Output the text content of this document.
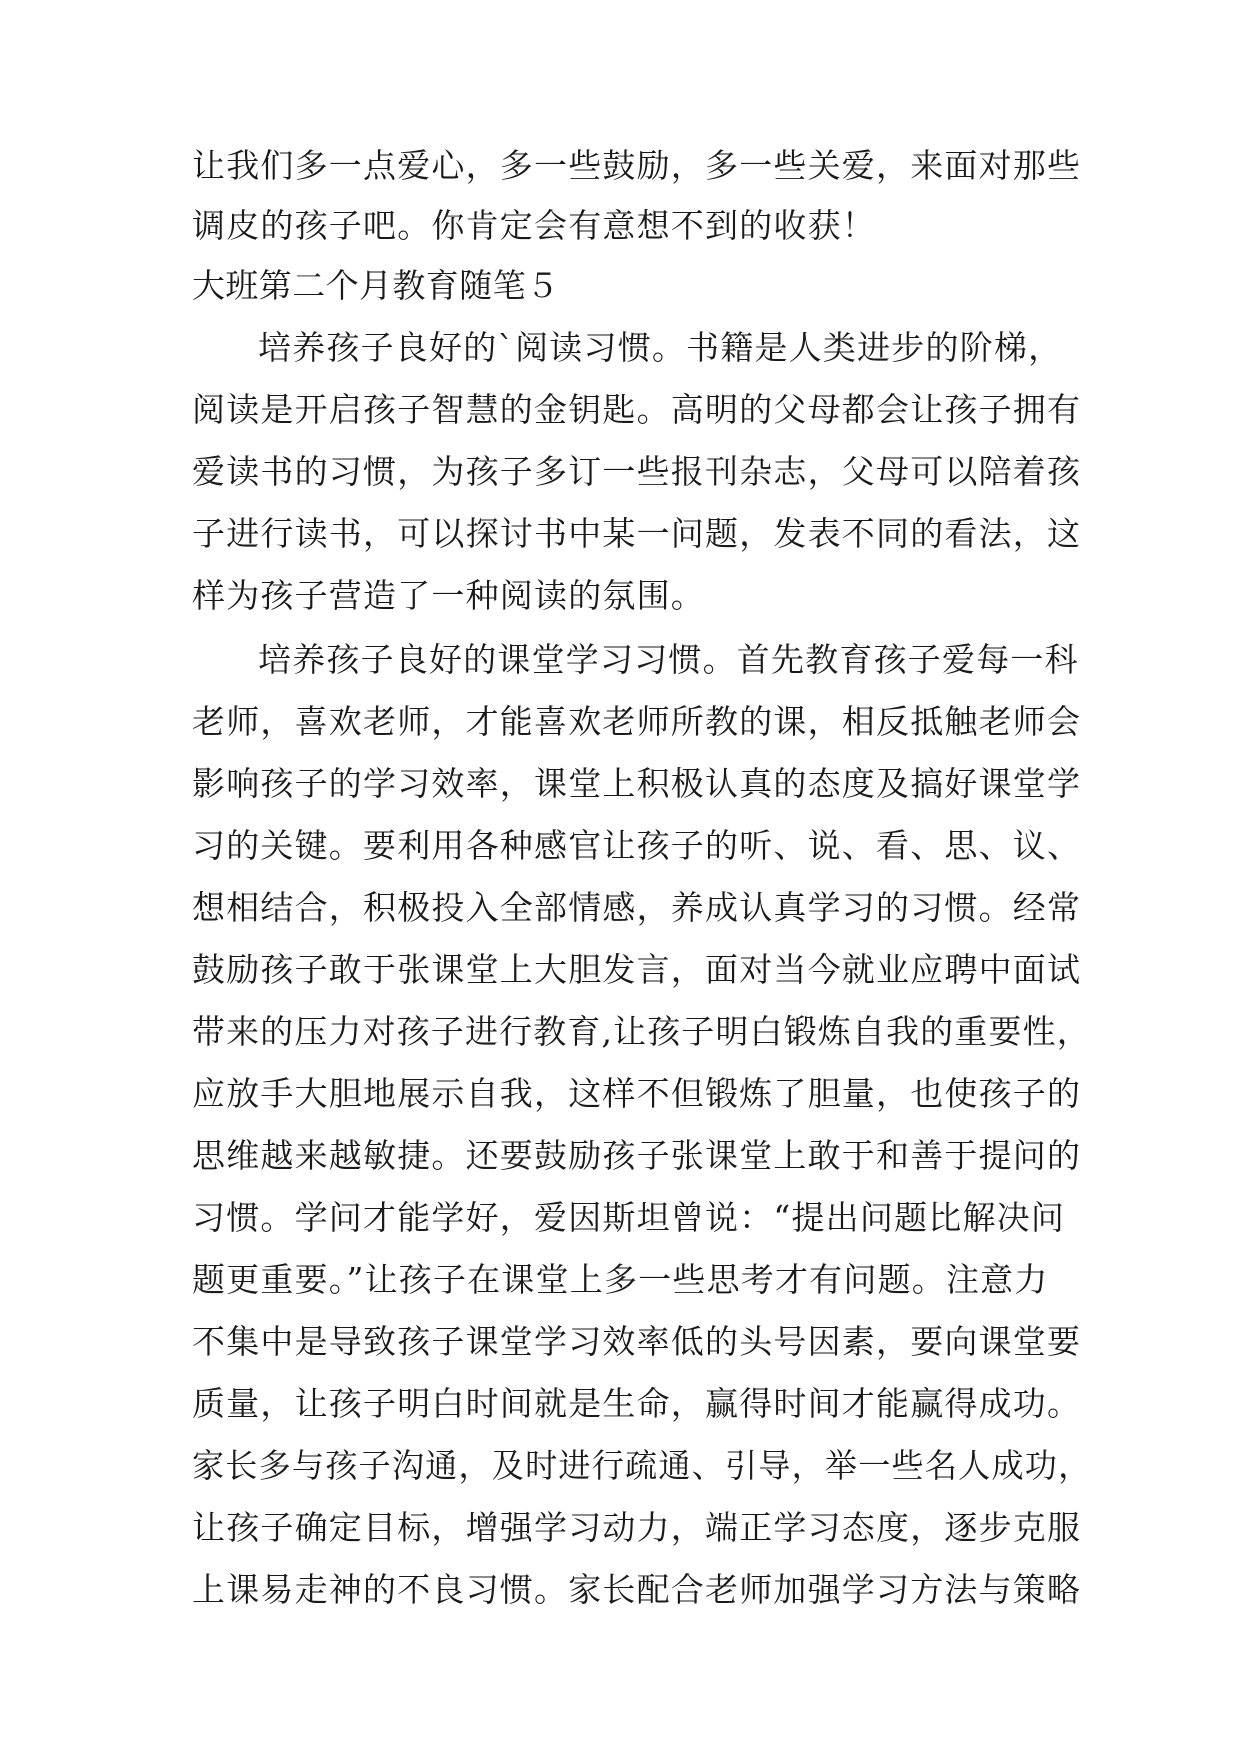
让我们多一点爱心，多一些鼓励，多一些关爱，来面对那些
调皮的孩子吧。你肯定会有意想不到的收获！
大班第二个月教育随笔５
培养孩子良好的`阅读习惯。书籍是人类进步的阶梯，
阅读是开启孩子智慧的金钥匙。高明的父母都会让孩子拥有
爱读书的习惯，为孩子多订一些报刊杂志，父母可以陪着孩
子进行读书，可以探讨书中某一问题，发表不同的看法，这
样为孩子营造了一种阅读的氛围。
培养孩子良好的课堂学习习惯。首先教育孩子爱每一科
老师，喜欢老师，才能喜欢老师所教的课，相反抵触老师会
影响孩子的学习效率，课堂上积极认真的态度及搞好课堂学
习的关键。要利用各种感官让孩子的听、说、看、思、议、
想相结合，积极投入全部情感，养成认真学习的习惯。经常
鼓励孩子敢于张课堂上大胆发言，面对当今就业应聘中面试
带来的压力对孩子进行教育,让孩子明白锻炼自我的重要性，
应放手大胆地展示自我，这样不但锻炼了胆量，也使孩子的
思维越来越敏捷。还要鼓励孩子张课堂上敢于和善于提问的
习惯。学问才能学好，爱因斯坦曾说：“提出问题比解决问
题更重要。”让孩子在课堂上多一些思考才有问题。注意力
不集中是导致孩子课堂学习效率低的头号因素，要向课堂要
质量，让孩子明白时间就是生命，赢得时间才能赢得成功。
家长多与孩子沟通，及时进行疏通、引导，举一些名人成功，
让孩子确定目标，增强学习动力，端正学习态度，逐步克服
上课易走神的不良习惯。家长配合老师加强学习方法与策略
